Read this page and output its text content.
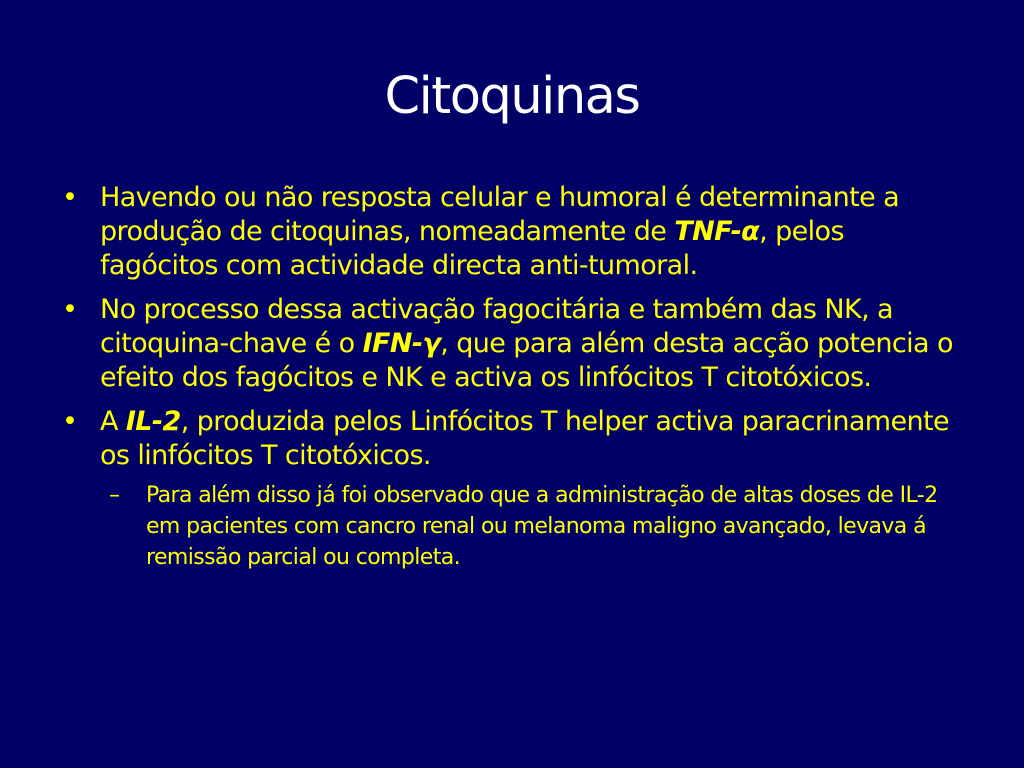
Citoquinas
• Havendo ou não resposta celular e humoral é determinante a produção de citoquinas, nomeadamente de TNF-α, pelos fagócitos com actividade directa anti-tumoral.
• No processo dessa activação fagocitária e também das NK, a citoquina-chave é o IFN-γ, que para além desta acção potencia o efeito dos fagócitos e NK e activa os linfócitos T citotóxicos.
• A IL-2, produzida pelos Linfócitos T helper activa paracrinamente os linfócitos T citotóxicos.
– Para além disso já foi observado que a administração de altas doses de IL-2 em pacientes com cancro renal ou melanoma maligno avançado, levava á remissão parcial ou completa.
